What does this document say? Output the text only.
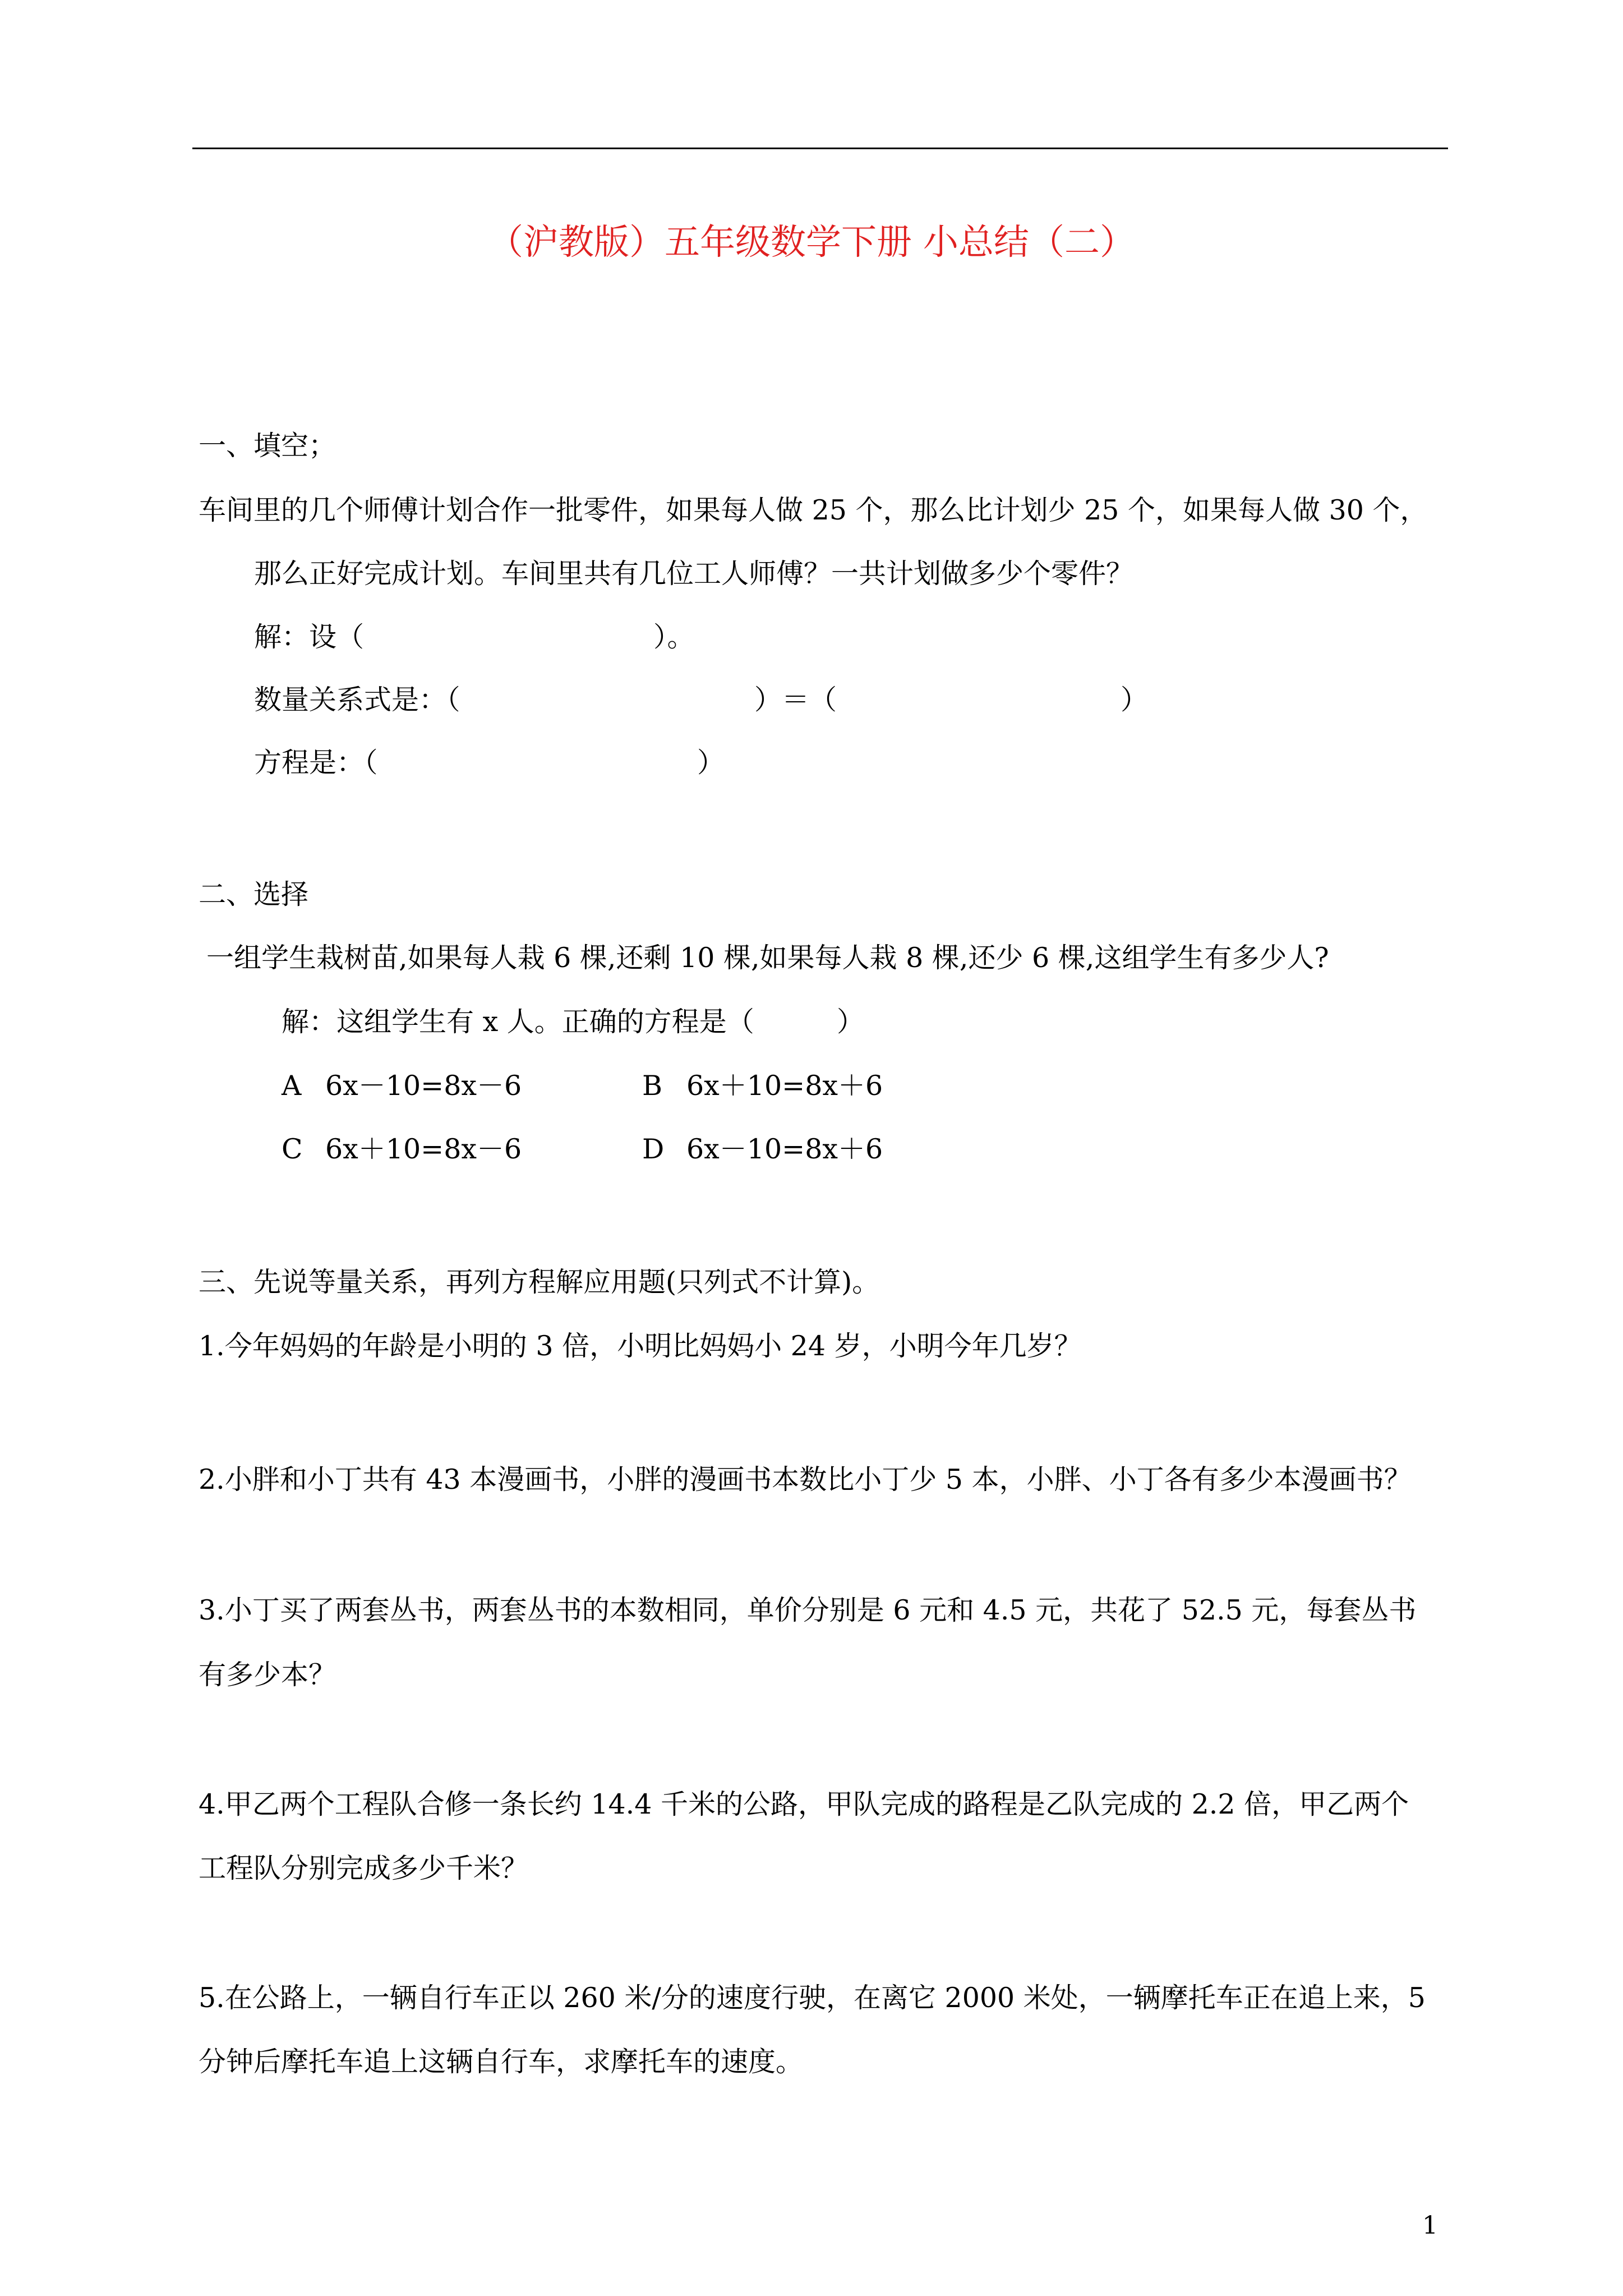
（沪教版）五年级数学下册 小总结（二）
一、填空；
车间里的几个师傅计划合作一批零件，如果每人做 25 个，那么比计划少 25 个，如果每人做 30 个，
那么正好完成计划。车间里共有几位工人师傅？一共计划做多少个零件？
解：设（	）。
数量关系式是：（	）＝（	）
方程是：（	）
二、选择
一组学生栽树苗,如果每人栽 6 棵,还剩 10 棵,如果每人栽 8 棵,还少 6 棵,这组学生有多少人?
解：这组学生有 x 人。正确的方程是（	）
A 6x－10=8x－6	B 6x＋10=8x＋6
C 6x＋10=8x－6	D 6x－10=8x＋6
三、先说等量关系，再列方程解应用题(只列式不计算)。
1.今年妈妈的年龄是小明的 3 倍，小明比妈妈小 24 岁，小明今年几岁？
2.小胖和小丁共有 43 本漫画书，小胖的漫画书本数比小丁少 5 本，小胖、小丁各有多少本漫画书？
3.小丁买了两套丛书，两套丛书的本数相同，单价分别是 6 元和 4.5 元，共花了 52.5 元，每套丛书
有多少本？
4.甲乙两个工程队合修一条长约 14.4 千米的公路，甲队完成的路程是乙队完成的 2.2 倍，甲乙两个
工程队分别完成多少千米？
5.在公路上，一辆自行车正以 260 米/分的速度行驶，在离它 2000 米处，一辆摩托车正在追上来，5
分钟后摩托车追上这辆自行车，求摩托车的速度。
1
